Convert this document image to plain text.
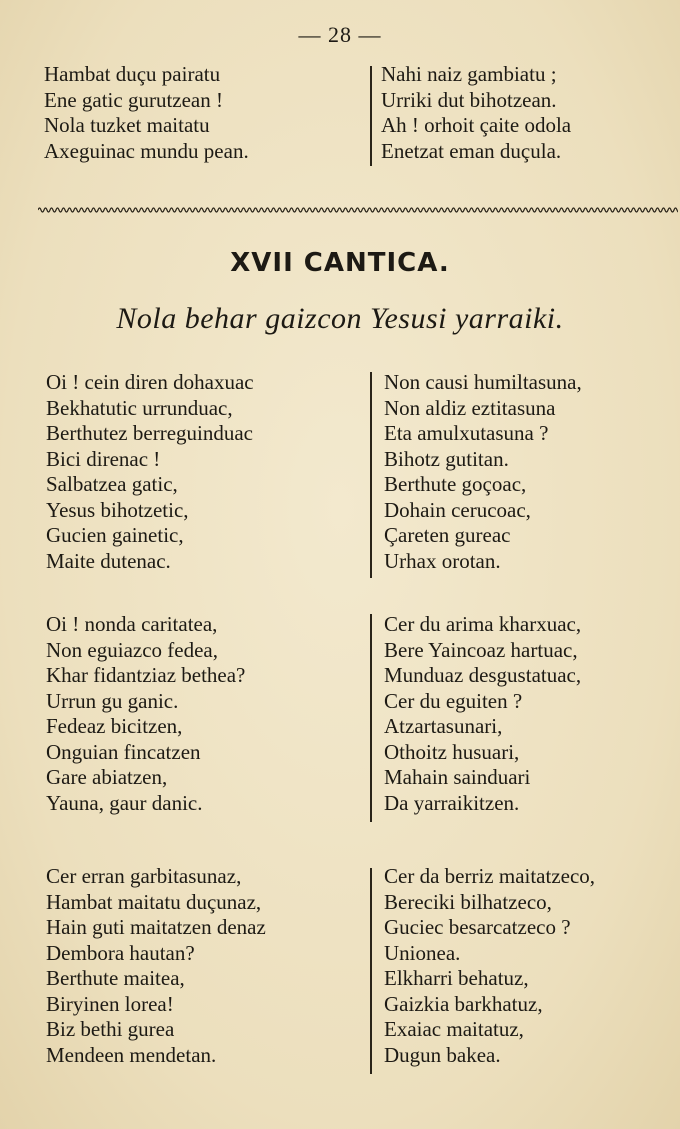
— 28 —
Hambat duçu pairatu
Ene gatic gurutzean !
Nola tuzket maitatu
Axeguinac mundu pean.
Nahi naiz gambiatu ;
Urriki dut bihotzean.
Ah ! orhoit çaite odola
Enetzat eman duçula.
XVII CANTICA.
Nola behar gaizcon Yesusi yarraiki.
Oi ! cein diren dohaxuac
Bekhatutic urrunduac,
Berthutez berreguinduac
Bici direnac !
Salbatzea gatic,
Yesus bihotzetic,
Gucien gainetic,
Maite dutenac.
Non causi humiltasuna,
Non aldiz eztitasuna
Eta amulxutasuna ?
Bihotz gutitan.
Berthute goçoac,
Dohain cerucoac,
Çareten gureac
Urhax orotan.
Oi ! nonda caritatea,
Non eguiazco fedea,
Khar fidantziaz bethea?
Urrun gu ganic.
Fedeaz bicitzen,
Onguian fincatzen
Gare abiatzen,
Yauna, gaur danic.
Cer du arima kharxuac,
Bere Yaincoaz hartuac,
Munduaz desgustatuac,
Cer du eguiten ?
Atzartasunari,
Othoitz husuari,
Mahain sainduari
Da yarraikitzen.
Cer erran garbitasunaz,
Hambat maitatu duçunaz,
Hain guti maitatzen denaz
Dembora hautan?
Berthute maitea,
Biryinen lorea!
Biz bethi gurea
Mendeen mendetan.
Cer da berriz maitatzeco,
Bereciki bilhatzeco,
Guciec besarcatzeco ?
Unionea.
Elkharri behatuz,
Gaizkia barkhatuz,
Exaiac maitatuz,
Dugun bakea.
